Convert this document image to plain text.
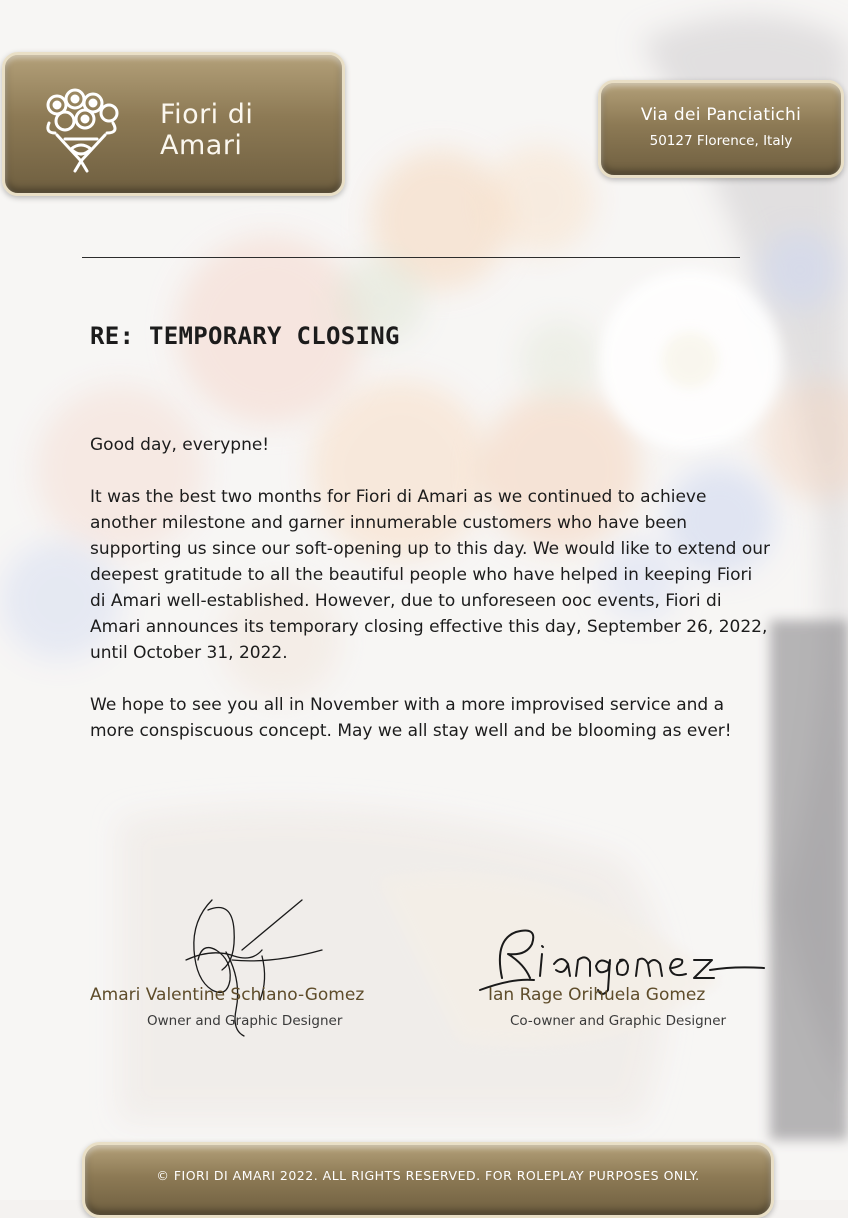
Fiori di
Amari
Via dei Panciatichi
50127 Florence, Italy
RE: TEMPORARY CLOSING

Good day, everypne!

It was the best two months for Fiori di Amari as we continued to achieve another milestone and garner innumerable customers who have been supporting us since our soft-opening up to this day. We would like to extend our deepest gratitude to all the beautiful people who have helped in keeping Fiori di Amari well-established. However, due to unforeseen ooc events, Fiori di Amari announces its temporary closing effective this day, September 26, 2022, until October 31, 2022.

We hope to see you all in November with a more improvised service and a more conspiscuous concept. May we all stay well and be blooming as ever!

Amari Valentine Schiano-Gomez
Owner and Graphic Designer
Ian Rage Orihuela Gomez
Co-owner and Graphic Designer
© FIORI DI AMARI 2022. ALL RIGHTS RESERVED. FOR ROLEPLAY PURPOSES ONLY.
